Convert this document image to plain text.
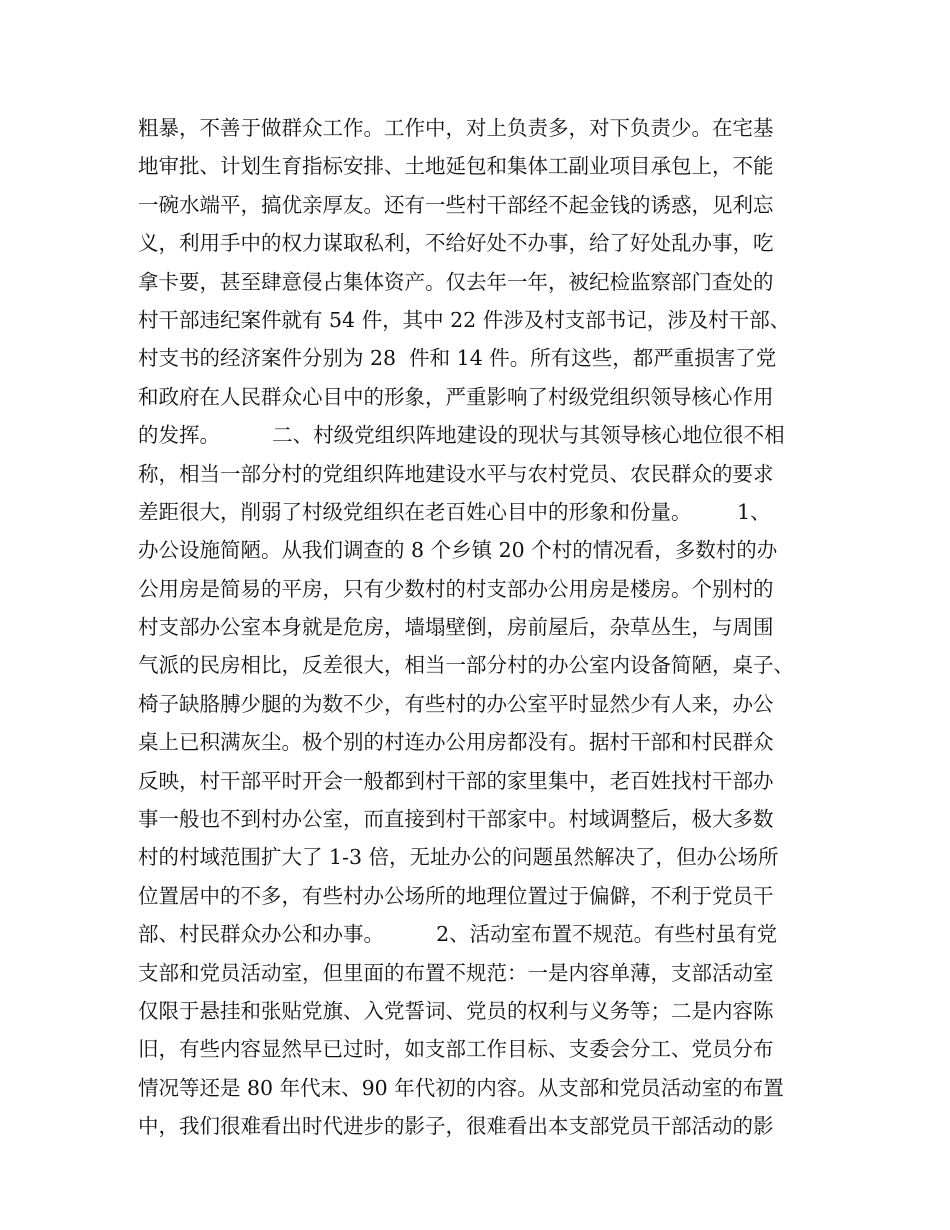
粗暴，不善于做群众工作。工作中，对上负责多，对下负责少。在宅基
地审批、计划生育指标安排、土地延包和集体工副业项目承包上，不能
一碗水端平，搞优亲厚友。还有一些村干部经不起金钱的诱惑，见利忘
义，利用手中的权力谋取私利，不给好处不办事，给了好处乱办事，吃
拿卡要，甚至肆意侵占集体资产。仅去年一年，被纪检监察部门查处的
村干部违纪案件就有 54 件，其中 22 件涉及村支部书记，涉及村干部、
村支书的经济案件分别为 28  件和 14 件。所有这些，都严重损害了党
和政府在人民群众心目中的形象，严重影响了村级党组织领导核心作用
的发挥。        二、村级党组织阵地建设的现状与其领导核心地位很不相
称，相当一部分村的党组织阵地建设水平与农村党员、农民群众的要求
差距很大，削弱了村级党组织在老百姓心目中的形象和份量。       1、
办公设施简陋。从我们调查的 8 个乡镇 20 个村的情况看，多数村的办
公用房是简易的平房，只有少数村的村支部办公用房是楼房。个别村的
村支部办公室本身就是危房，墙塌壁倒，房前屋后，杂草丛生，与周围
气派的民房相比，反差很大，相当一部分村的办公室内设备简陋，桌子、
椅子缺胳膊少腿的为数不少，有些村的办公室平时显然少有人来，办公
桌上已积满灰尘。极个别的村连办公用房都没有。据村干部和村民群众
反映，村干部平时开会一般都到村干部的家里集中，老百姓找村干部办
事一般也不到村办公室，而直接到村干部家中。村域调整后，极大多数
村的村域范围扩大了 1-3 倍，无址办公的问题虽然解决了，但办公场所
位置居中的不多，有些村办公场所的地理位置过于偏僻，不利于党员干
部、村民群众办公和办事。        2、活动室布置不规范。有些村虽有党
支部和党员活动室，但里面的布置不规范：一是内容单薄，支部活动室
仅限于悬挂和张贴党旗、入党誓词、党员的权利与义务等；二是内容陈
旧，有些内容显然早已过时，如支部工作目标、支委会分工、党员分布
情况等还是 80 年代末、90 年代初的内容。从支部和党员活动室的布置
中，我们很难看出时代进步的影子，很难看出本支部党员干部活动的影
